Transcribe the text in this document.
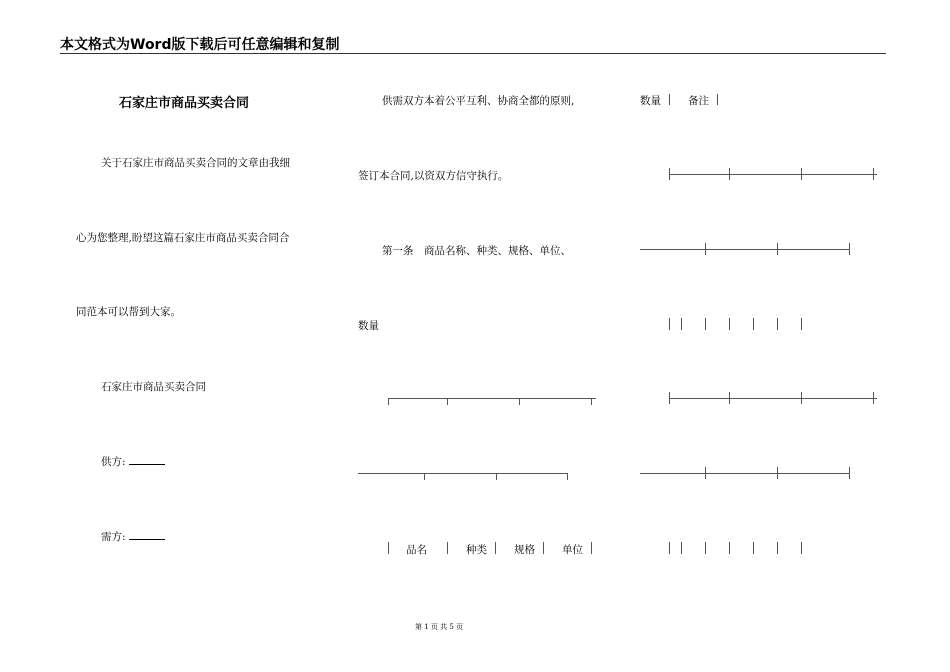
本文格式为Word版下载后可任意编辑和复制
石家庄市商品买卖合同
关于石家庄市商品买卖合同的文章由我细
心为您整理,盼望这篇石家庄市商品买卖合同合
同范本可以帮到大家。
石家庄市商品买卖合同
供方:
需方:
供需双方本着公平互利、协商全都的原则,
签订本合同,以资双方信守执行。
第一条　商品名称、种类、规格、单位、
数量
品名	种类	规格	单位
数量	备注
第 1 页 共 5 页
